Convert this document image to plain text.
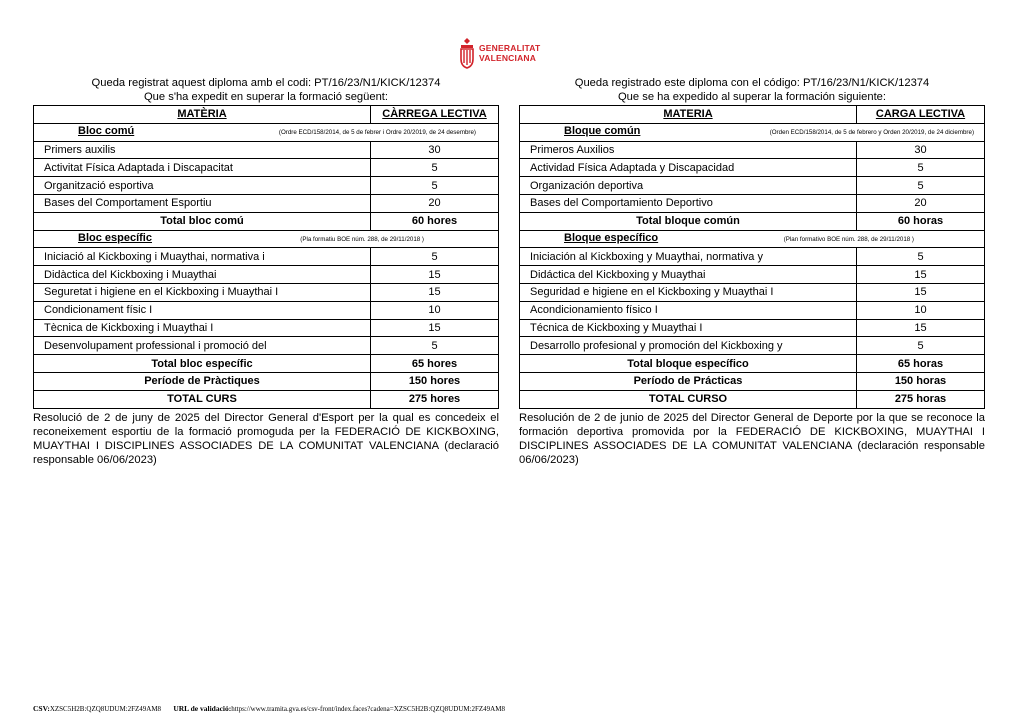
GENERALITAT
VALENCIANA
Queda registrat aquest diploma amb el codi: PT/16/23/N1/KICK/12374
Que s'ha expedit en superar la formació següent:
MATÈRIA	CÀRREGA LECTIVA
Bloc comú (Ordre ECD/158/2014, de 5 de febrer i Ordre 20/2019, de 24 desembre)	

Primers auxilis	30
Activitat Física Adaptada i Discapacitat	5
Organització esportiva	5
Bases del Comportament Esportiu	20
Total bloc comú	60 hores
Bloc específic (Pla formatiu BOE núm. 288, de 29/11/2018 )	

Iniciació al Kickboxing i Muaythai, normativa i	5
Didàctica del Kickboxing i Muaythai	15
Seguretat i higiene en el Kickboxing i Muaythai I	15
Condicionament físic I	10
Tècnica de Kickboxing i Muaythai I	15
Desenvolupament professional i promoció del	5
Total bloc específic	65 hores
Període de Pràctiques	150 hores
TOTAL CURS	275 hores
Resolució de 2 de juny de 2025 del Director General d'Esport per la qual es concedeix el reconeixement esportiu de la formació promoguda per la FEDERACIÓ DE KICKBOXING, MUAYTHAI I DISCIPLINES ASSOCIADES DE LA COMUNITAT VALENCIANA (declaració responsable 06/06/2023)
Queda registrado este diploma con el código: PT/16/23/N1/KICK/12374
Que se ha expedido al superar la formación siguiente:
MATERIA	CARGA LECTIVA
Bloque común (Orden ECD/158/2014, de 5 de febrero y Orden 20/2019, de 24 diciembre)	

Primeros Auxilios	30
Actividad Física Adaptada y Discapacidad	5
Organización deportiva	5
Bases del Comportamiento Deportivo	20
Total bloque común	60 horas
Bloque específico (Plan formativo BOE núm. 288, de 29/11/2018 )	

Iniciación al Kickboxing y Muaythai, normativa y	5
Didáctica del Kickboxing y Muaythai	15
Seguridad e higiene en el Kickboxing y Muaythai I	15
Acondicionamiento físico I	10
Técnica de Kickboxing y Muaythai I	15
Desarrollo profesional y promoción del Kickboxing y	5
Total bloque específico	65 horas
Período de Prácticas	150 horas
TOTAL CURSO	275 horas
Resolución de 2 de junio de 2025 del Director General de Deporte por la que se reconoce la formación deportiva promovida por la FEDERACIÓ DE KICKBOXING, MUAYTHAI I DISCIPLINES ASSOCIADES DE LA COMUNITAT VALENCIANA (declaración responsable 06/06/2023)
CSV:XZSC5H2B:QZQ8UDUM:2FZ49AM8 URL de validació:https://www.tramita.gva.es/csv-front/index.faces?cadena=XZSC5H2B:QZQ8UDUM:2FZ49AM8
